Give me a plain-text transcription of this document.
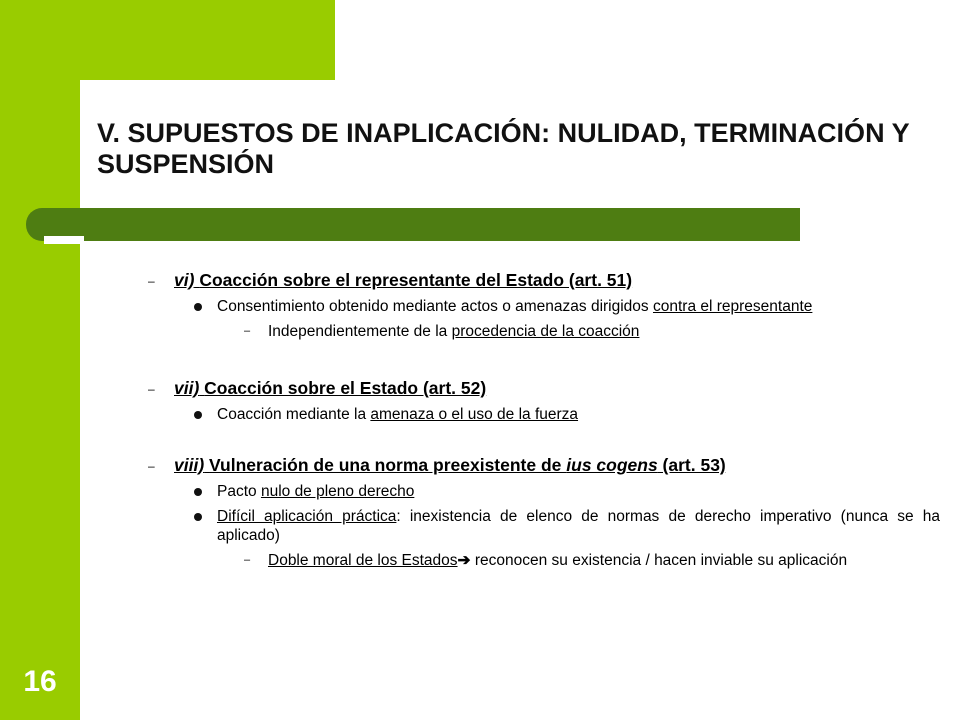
V. SUPUESTOS DE INAPLICACIÓN: NULIDAD, TERMINACIÓN Y SUSPENSIÓN
– vi) Coacción sobre el representante del Estado (art. 51)
Consentimiento obtenido mediante actos o amenazas dirigidos contra el representante
– Independientemente de la procedencia de la coacción
– vii) Coacción sobre el Estado (art. 52)
Coacción mediante la amenaza o el uso de la fuerza
– viii) Vulneración de una norma preexistente de ius cogens (art. 53)
Pacto nulo de pleno derecho
Difícil aplicación práctica: inexistencia de elenco de normas de derecho imperativo (nunca se ha aplicado)
– Doble moral de los Estados➔ reconocen su existencia / hacen inviable su aplicación
16
